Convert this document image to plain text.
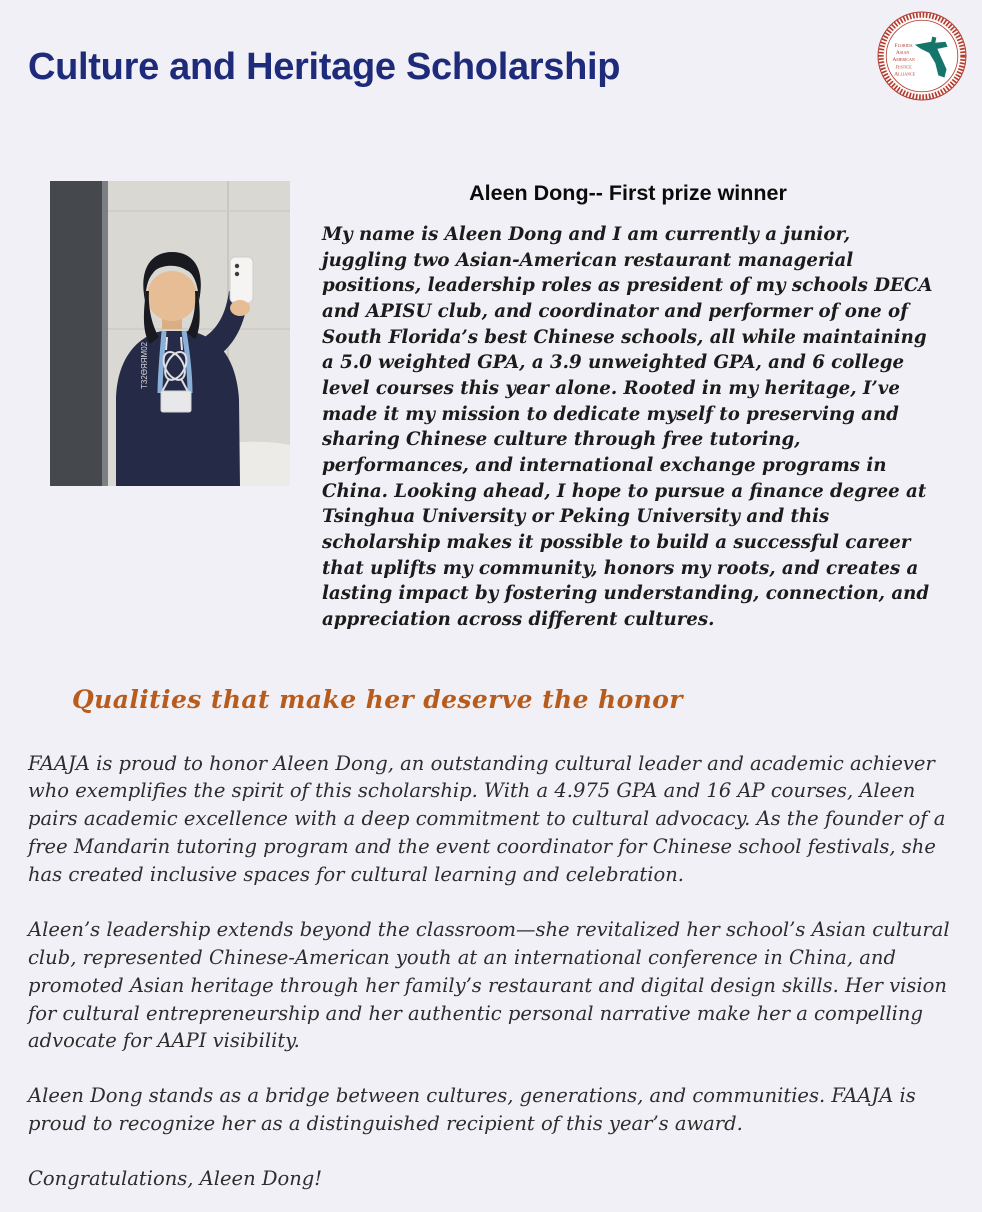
Culture and Heritage Scholarship
Florida
Asian
American
Justice
Alliance
T32ƟЯЯM02
Aleen Dong-- First prize winner

My name is Aleen Dong and I am currently a junior, juggling two Asian-American restaurant managerial positions, leadership roles as president of my schools DECA and APISU club, and coordinator and performer of one of South Florida’s best Chinese schools, all while maintaining a 5.0 weighted GPA, a 3.9 unweighted GPA, and 6 college level courses this year alone. Rooted in my heritage, I’ve made it my mission to dedicate myself to preserving and sharing Chinese culture through free tutoring, performances, and international exchange programs in China. Looking ahead, I hope to pursue a finance degree at Tsinghua University or Peking University and this scholarship makes it possible to build a successful career that uplifts my community, honors my roots, and creates a lasting impact by fostering understanding, connection, and appreciation across different cultures.

Qualities that make her deserve the honor

FAAJA is proud to honor Aleen Dong, an outstanding cultural leader and academic achiever who exemplifies the spirit of this scholarship. With a 4.975 GPA and 16 AP courses, Aleen pairs academic excellence with a deep commitment to cultural advocacy. As the founder of a free Mandarin tutoring program and the event coordinator for Chinese school festivals, she has created inclusive spaces for cultural learning and celebration.

Aleen’s leadership extends beyond the classroom—she revitalized her school’s Asian cultural club, represented Chinese-American youth at an international conference in China, and promoted Asian heritage through her family’s restaurant and digital design skills. Her vision for cultural entrepreneurship and her authentic personal narrative make her a compelling advocate for AAPI visibility.

Aleen Dong stands as a bridge between cultures, generations, and communities. FAAJA is proud to recognize her as a distinguished recipient of this year’s award.

Congratulations, Aleen Dong!
